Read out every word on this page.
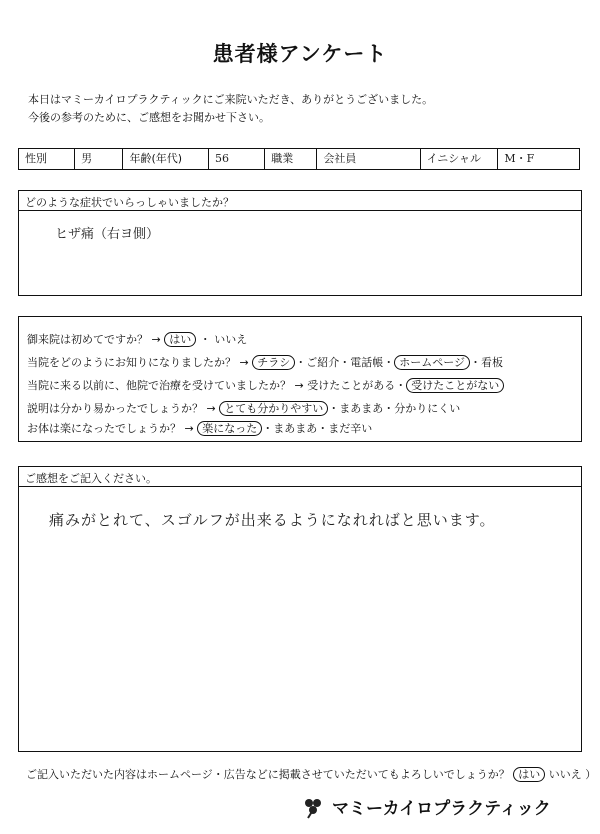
患者様アンケート
本日はマミーカイロプラクティックにご来院いただき、ありがとうございました。
今後の参考のために、ご感想をお聞かせ下さい。
性別	男	年齢(年代)	56	職業	会社員	イニシャル	M・F
どのような症状でいらっしゃいましたか？
ヒザ痛（右ヨ側）
御来院は初めてですか？ → はい ・ いいえ
当院をどのようにお知りになりましたか？ → チラシ ・ご紹介・電話帳・ ホームページ ・看板
当院に来る以前に、他院で治療を受けていましたか？ → 受けたことがある・ 受けたことがない
説明は分かり易かったでしょうか？ → とても分かりやすい ・まあまあ・分かりにくい
お体は楽になったでしょうか？ → 楽になった ・まあまあ・まだ辛い
ご感想をご記入ください。
痛みがとれて、スゴルフが出来るようになれればと思います。
ご記入いただいた内容はホームページ・広告などに掲載させていただいてもよろしいでしょうか？ はい いいえ ）
マミーカイロプラクティック
